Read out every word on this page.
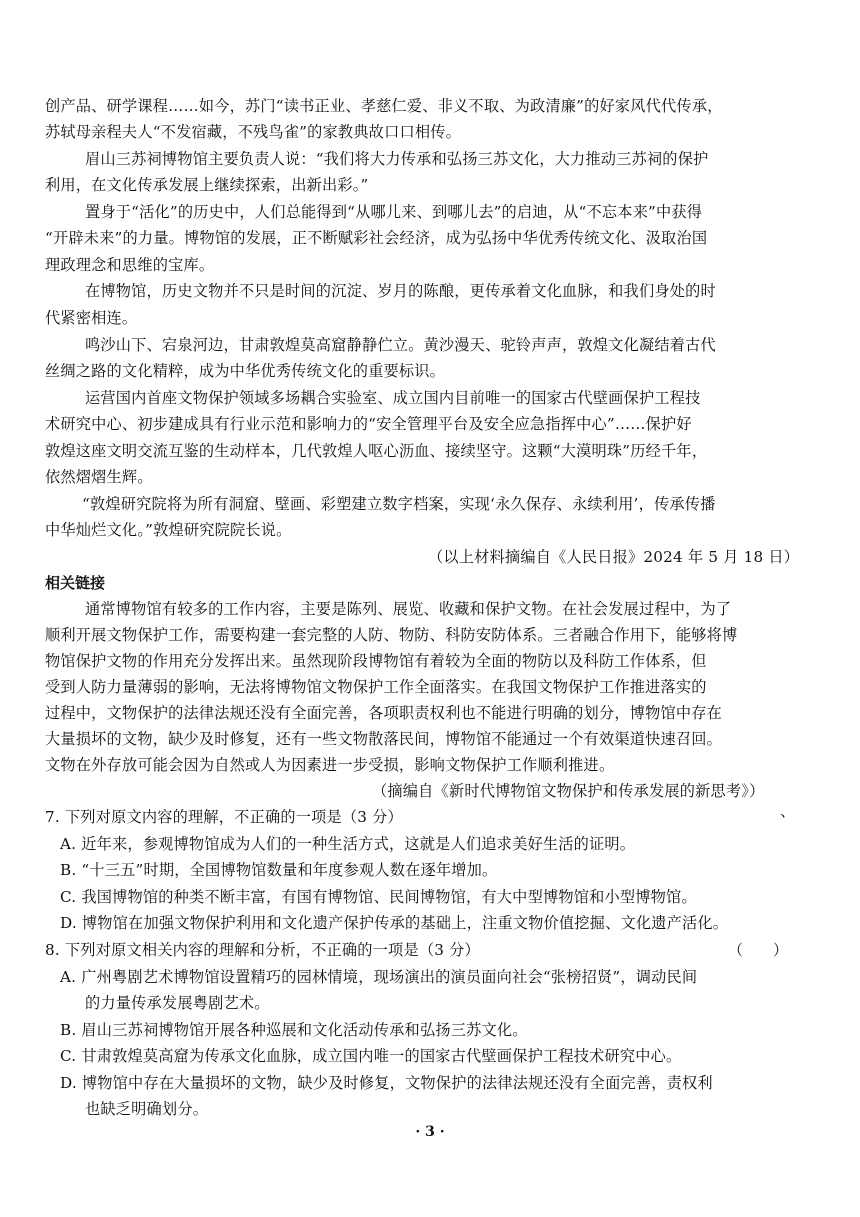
创产品、研学课程……如今，苏门“读书正业、孝慈仁爱、非义不取、为政清廉”的好家风代代传承，
苏轼母亲程夫人“不发宿藏，不残鸟雀”的家教典故口口相传。
眉山三苏祠博物馆主要负责人说：“我们将大力传承和弘扬三苏文化，大力推动三苏祠的保护
利用，在文化传承发展上继续探索，出新出彩。”
置身于“活化”的历史中，人们总能得到“从哪儿来、到哪儿去”的启迪，从“不忘本来”中获得
“开辟未来”的力量。博物馆的发展，正不断赋彩社会经济，成为弘扬中华优秀传统文化、汲取治国
理政理念和思维的宝库。
在博物馆，历史文物并不只是时间的沉淀、岁月的陈酿，更传承着文化血脉，和我们身处的时
代紧密相连。
鸣沙山下、宕泉河边，甘肃敦煌莫高窟静静伫立。黄沙漫天、驼铃声声，敦煌文化凝结着古代
丝绸之路的文化精粹，成为中华优秀传统文化的重要标识。
运营国内首座文物保护领域多场耦合实验室、成立国内目前唯一的国家古代壁画保护工程技
术研究中心、初步建成具有行业示范和影响力的“安全管理平台及安全应急指挥中心”……保护好
敦煌这座文明交流互鉴的生动样本，几代敦煌人呕心沥血、接续坚守。这颗“大漠明珠”历经千年，
依然熠熠生辉。
“敦煌研究院将为所有洞窟、壁画、彩塑建立数字档案，实现‘永久保存、永续利用’，传承传播
中华灿烂文化。”敦煌研究院院长说。
（以上材料摘编自《人民日报》2024 年 5 月 18 日）
相关链接
通常博物馆有较多的工作内容，主要是陈列、展览、收藏和保护文物。在社会发展过程中，为了
顺利开展文物保护工作，需要构建一套完整的人防、物防、科防安防体系。三者融合作用下，能够将博
物馆保护文物的作用充分发挥出来。虽然现阶段博物馆有着较为全面的物防以及科防工作体系，但
受到人防力量薄弱的影响，无法将博物馆文物保护工作全面落实。在我国文物保护工作推进落实的
过程中，文物保护的法律法规还没有全面完善，各项职责权利也不能进行明确的划分，博物馆中存在
大量损坏的文物，缺少及时修复，还有一些文物散落民间，博物馆不能通过一个有效渠道快速召回。
文物在外存放可能会因为自然或人为因素进一步受损，影响文物保护工作顺利推进。
（摘编自《新时代博物馆文物保护和传承发展的新思考》）
7. 下列对原文内容的理解，不正确的一项是（3 分）	、
A. 近年来，参观博物馆成为人们的一种生活方式，这就是人们追求美好生活的证明。
B. “十三五”时期，全国博物馆数量和年度参观人数在逐年增加。
C. 我国博物馆的种类不断丰富，有国有博物馆、民间博物馆，有大中型博物馆和小型博物馆。
D. 博物馆在加强文物保护利用和文化遗产保护传承的基础上，注重文物价值挖掘、文化遗产活化。
8. 下列对原文相关内容的理解和分析，不正确的一项是（3 分）	（　　）
A. 广州粤剧艺术博物馆设置精巧的园林情境，现场演出的演员面向社会“张榜招贤”，调动民间
的力量传承发展粤剧艺术。
B. 眉山三苏祠博物馆开展各种巡展和文化活动传承和弘扬三苏文化。
C. 甘肃敦煌莫高窟为传承文化血脉，成立国内唯一的国家古代壁画保护工程技术研究中心。
D. 博物馆中存在大量损坏的文物，缺少及时修复，文物保护的法律法规还没有全面完善，责权利
也缺乏明确划分。
· 3 ·
